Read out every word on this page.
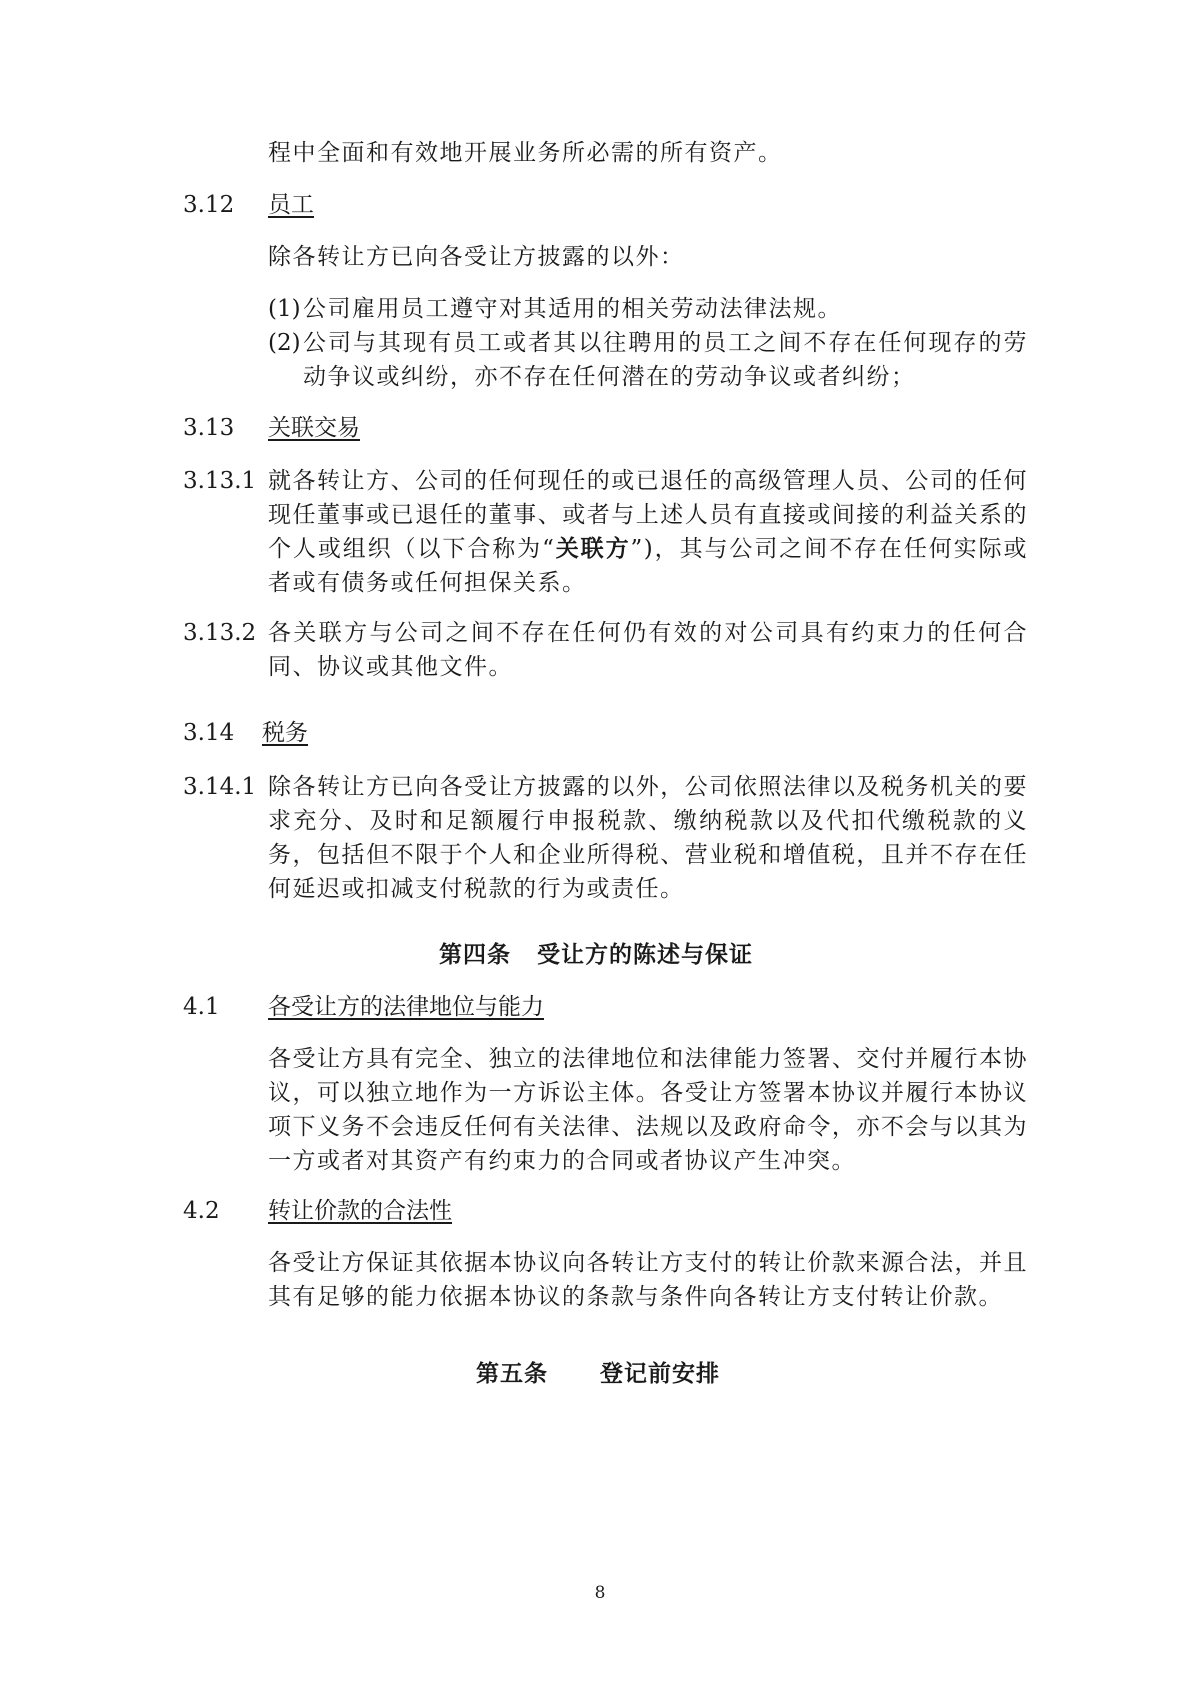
程中全面和有效地开展业务所必需的所有资产。

3.12 员工

除各转让方已向各受让方披露的以外：

(1) 公司雇用员工遵守对其适用的相关劳动法律法规。

(2) 公司与其现有员工或者其以往聘用的员工之间不存在任何现存的劳动争议或纠纷，亦不存在任何潜在的劳动争议或者纠纷；

3.13 关联交易

3.13.1 就各转让方、公司的任何现任的或已退任的高级管理人员、公司的任何现任董事或已退任的董事、或者与上述人员有直接或间接的利益关系的个人或组织（以下合称为“关联方”)，其与公司之间不存在任何实际或者或有债务或任何担保关系。

3.13.2 各关联方与公司之间不存在任何仍有效的对公司具有约束力的任何合同、协议或其他文件。

3.14 税务

3.14.1 除各转让方已向各受让方披露的以外，公司依照法律以及税务机关的要求充分、及时和足额履行申报税款、缴纳税款以及代扣代缴税款的义务，包括但不限于个人和企业所得税、营业税和增值税，且并不存在任何延迟或扣减支付税款的行为或责任。

第四条 受让方的陈述与保证

4.1 各受让方的法律地位与能力

各受让方具有完全、独立的法律地位和法律能力签署、交付并履行本协议，可以独立地作为一方诉讼主体。各受让方签署本协议并履行本协议项下义务不会违反任何有关法律、法规以及政府命令，亦不会与以其为一方或者对其资产有约束力的合同或者协议产生冲突。

4.2 转让价款的合法性

各受让方保证其依据本协议向各转让方支付的转让价款来源合法，并且其有足够的能力依据本协议的条款与条件向各转让方支付转让价款。

第五条 登记前安排

8
